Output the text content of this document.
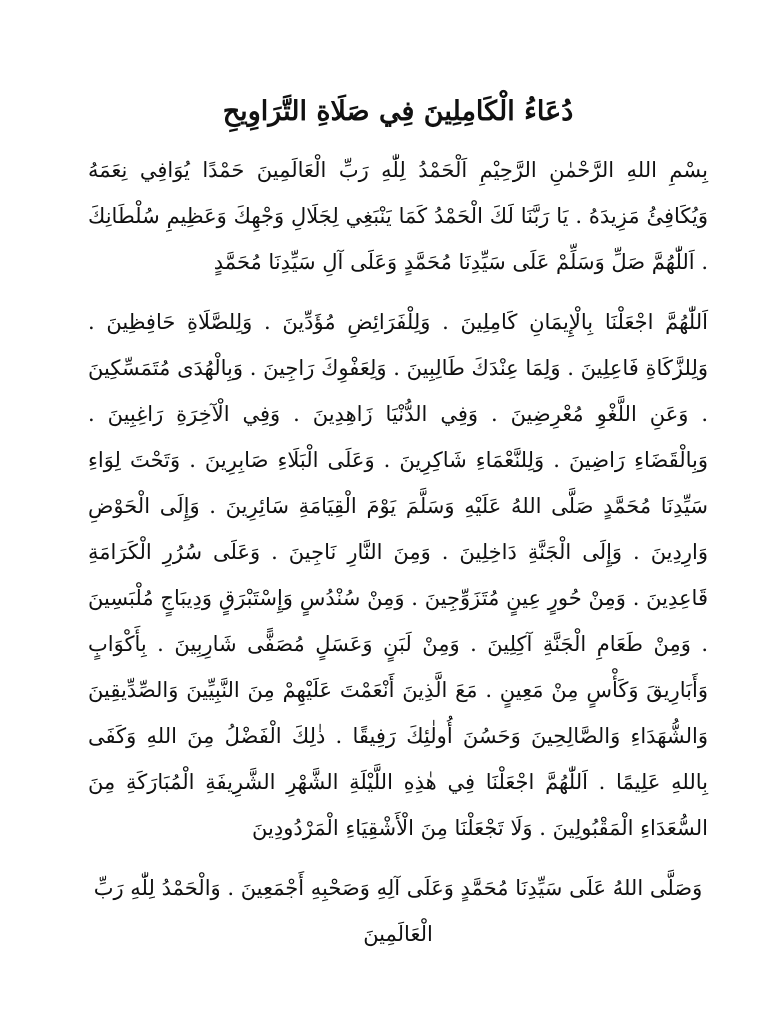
دُعَاءُ الْكَامِلِينَ فِي صَلَاةِ التَّرَاوِيحِ

بِسْمِ اللهِ الرَّحْمٰنِ الرَّحِيْمِ اَلْحَمْدُ لِلّٰهِ رَبِّ الْعَالَمِينَ حَمْدًا يُوَافِي نِعَمَهُ وَيُكَافِئُ مَزِيدَهُ . يَا رَبَّنَا لَكَ الْحَمْدُ كَمَا يَنْبَغِي لِجَلَالِ وَجْهِكَ وَعَظِيمِ سُلْطَانِكَ . اَللّٰهُمَّ صَلِّ وَسَلِّمْ عَلَى سَيِّدِنَا مُحَمَّدٍ وَعَلَى آلِ سَيِّدِنَا مُحَمَّدٍ

اَللّٰهُمَّ اجْعَلْنَا بِالْإِيمَانِ كَامِلِينَ . وَلِلْفَرَائِضِ مُؤَدِّينَ . وَلِلصَّلَاةِ حَافِظِينَ . وَلِلزَّكَاةِ فَاعِلِينَ . وَلِمَا عِنْدَكَ طَالِبِينَ . وَلِعَفْوِكَ رَاجِينَ . وَبِالْهُدَى مُتَمَسِّكِينَ . وَعَنِ اللَّغْوِ مُعْرِضِينَ . وَفِي الدُّنْيَا زَاهِدِينَ . وَفِي الْآخِرَةِ رَاغِبِينَ . وَبِالْقَضَاءِ رَاضِينَ . وَلِلنَّعْمَاءِ شَاكِرِينَ . وَعَلَى الْبَلَاءِ صَابِرِينَ . وَتَحْتَ لِوَاءِ سَيِّدِنَا مُحَمَّدٍ صَلَّى اللهُ عَلَيْهِ وَسَلَّمَ يَوْمَ الْقِيَامَةِ سَائِرِينَ . وَإِلَى الْحَوْضِ وَارِدِينَ . وَإِلَى الْجَنَّةِ دَاخِلِينَ . وَمِنَ النَّارِ نَاجِينَ . وَعَلَى سُرُرِ الْكَرَامَةِ قَاعِدِينَ . وَمِنْ حُورٍ عِينٍ مُتَزَوِّجِينَ . وَمِنْ سُنْدُسٍ وَإِسْتَبْرَقٍ وَدِيبَاجٍ مُلْبَسِينَ . وَمِنْ طَعَامِ الْجَنَّةِ آكِلِينَ . وَمِنْ لَبَنٍ وَعَسَلٍ مُصَفًّى شَارِبِينَ . بِأَكْوَابٍ وَأَبَارِيقَ وَكَأْسٍ مِنْ مَعِينٍ . مَعَ الَّذِينَ أَنْعَمْتَ عَلَيْهِمْ مِنَ النَّبِيِّينَ وَالصِّدِّيقِينَ وَالشُّهَدَاءِ وَالصَّالِحِينَ وَحَسُنَ أُولٰئِكَ رَفِيقًا . ذٰلِكَ الْفَضْلُ مِنَ اللهِ وَكَفَى بِاللهِ عَلِيمًا . اَللّٰهُمَّ اجْعَلْنَا فِي هٰذِهِ اللَّيْلَةِ الشَّهْرِ الشَّرِيفَةِ الْمُبَارَكَةِ مِنَ السُّعَدَاءِ الْمَقْبُولِينَ . وَلَا تَجْعَلْنَا مِنَ الْأَشْقِيَاءِ الْمَرْدُودِينَ

وَصَلَّى اللهُ عَلَى سَيِّدِنَا مُحَمَّدٍ وَعَلَى آلِهِ وَصَحْبِهِ أَجْمَعِينَ . وَالْحَمْدُ لِلّٰهِ رَبِّ الْعَالَمِينَ
